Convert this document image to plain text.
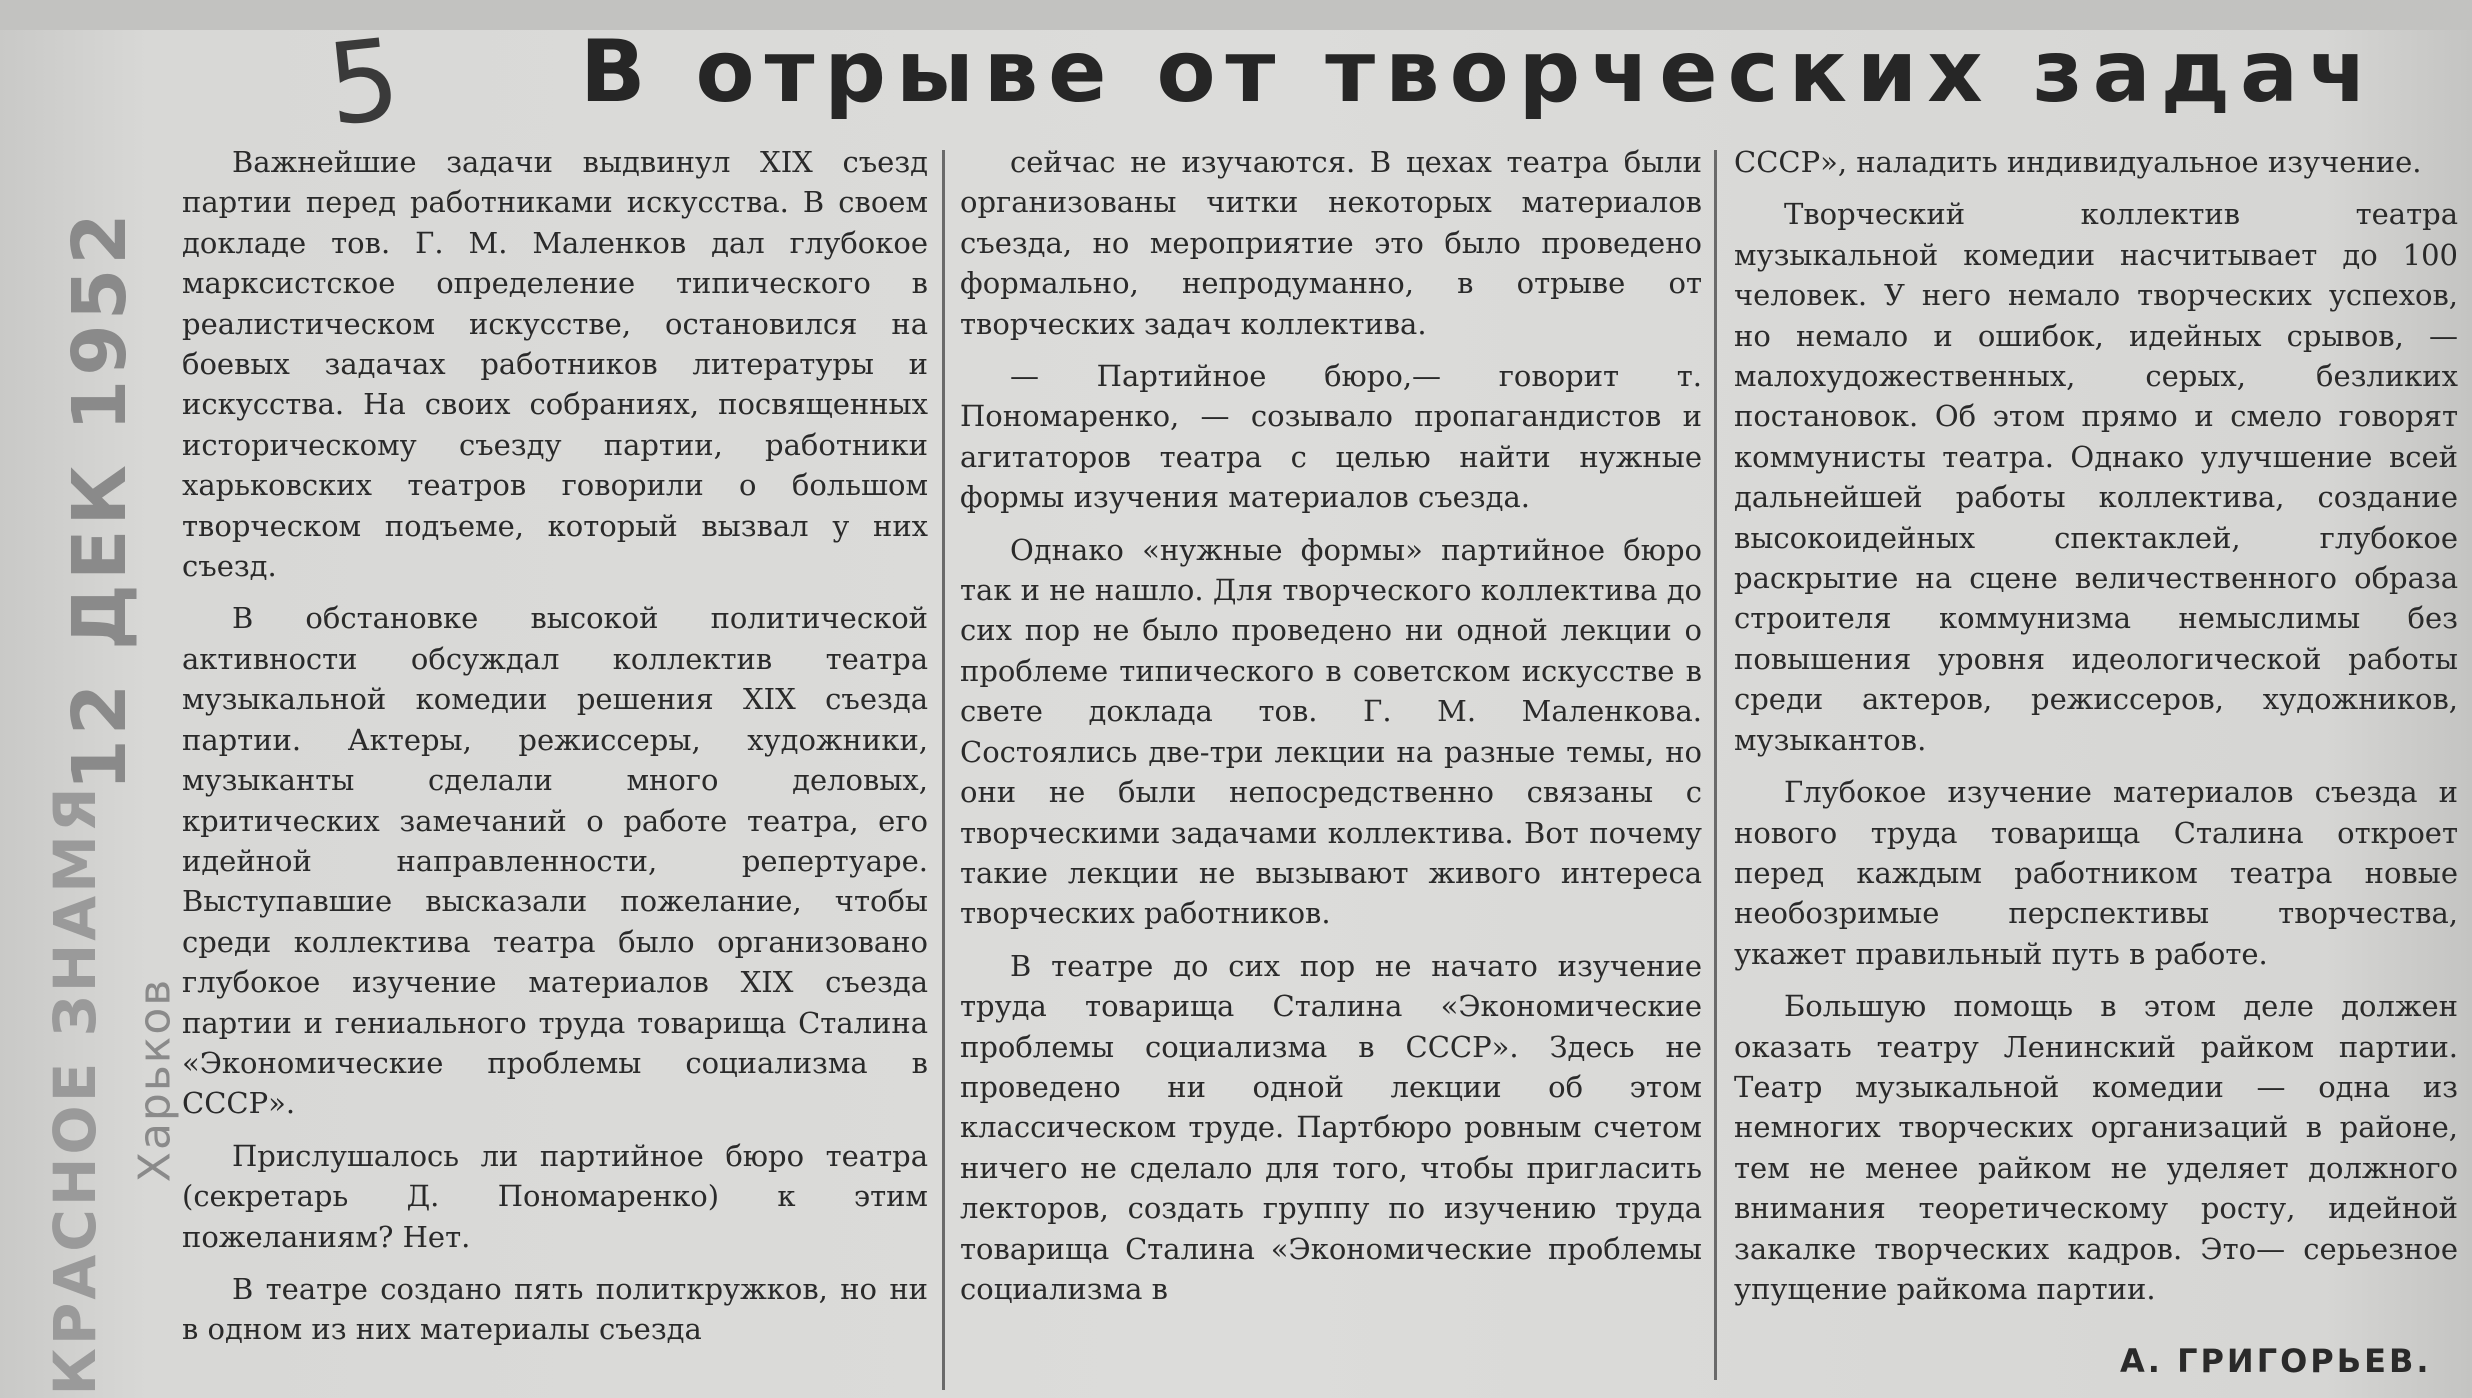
12 ДЕК 1952
КРАСНОЕ ЗНАМЯ Харьков
5 В отрыве от творческих задач

Важнейшие задачи выдвинул XIX съезд партии перед работниками искусства. В своем докладе тов. Г. М. Маленков дал глубокое марксистское определение типического в реалистическом искусстве, остановился на боевых задачах работников литературы и искусства. На своих собраниях, посвященных историческому съезду партии, работники харьковских театров говорили о большом творческом подъеме, который вызвал у них съезд.

В обстановке высокой политической активности обсуждал коллектив театра музыкальной комедии решения XIX съезда партии. Актеры, режиссеры, художники, музыканты сделали много деловых, критических замечаний о работе театра, его идейной направленности, репертуаре. Выступавшие высказали пожелание, чтобы среди коллектива театра было организовано глубокое изучение материалов XIX съезда партии и гениального труда товарища Сталина «Экономические проблемы социализма в СССР».

Прислушалось ли партийное бюро театра (секретарь Д. Пономаренко) к этим пожеланиям? Нет.

В театре создано пять политкружков, но ни в одном из них материалы съезда

сейчас не изучаются. В цехах театра были организованы читки некоторых материалов съезда, но мероприятие это было проведено формально, непродуманно, в отрыве от творческих задач коллектива.

— Партийное бюро,— говорит т. Пономаренко, — созывало пропагандистов и агитаторов театра с целью найти нужные формы изучения материалов съезда.

Однако «нужные формы» партийное бюро так и не нашло. Для творческого коллектива до сих пор не было проведено ни одной лекции о проблеме типического в советском искусстве в свете доклада тов. Г. М. Маленкова. Состоялись две-три лекции на разные темы, но они не были непосредственно связаны с творческими задачами коллектива. Вот почему такие лекции не вызывают живого интереса творческих работников.

В театре до сих пор не начато изучение труда товарища Сталина «Экономические проблемы социализма в СССР». Здесь не проведено ни одной лекции об этом классическом труде. Партбюро ровным счетом ничего не сделало для того, чтобы пригласить лекторов, создать группу по изучению труда товарища Сталина «Экономические проблемы социализма в

СССР», наладить индивидуальное изучение.

Творческий коллектив театра музыкальной комедии насчитывает до 100 человек. У него немало творческих успехов, но немало и ошибок, идейных срывов, — малохудожественных, серых, безликих постановок. Об этом прямо и смело говорят коммунисты театра. Однако улучшение всей дальнейшей работы коллектива, создание высокоидейных спектаклей, глубокое раскрытие на сцене величественного образа строителя коммунизма немыслимы без повышения уровня идеологической работы среди актеров, режиссеров, художников, музыкантов.

Глубокое изучение материалов съезда и нового труда товарища Сталина откроет перед каждым работником театра новые необозримые перспективы творчества, укажет правильный путь в работе.

Большую помощь в этом деле должен оказать театру Ленинский райком партии. Театр музыкальной комедии — одна из немногих творческих организаций в районе, тем не менее райком не уделяет должного внимания теоретическому росту, идейной закалке творческих кадров. Это— серьезное упущение райкома партии.

А. ГРИГОРЬЕВ.
